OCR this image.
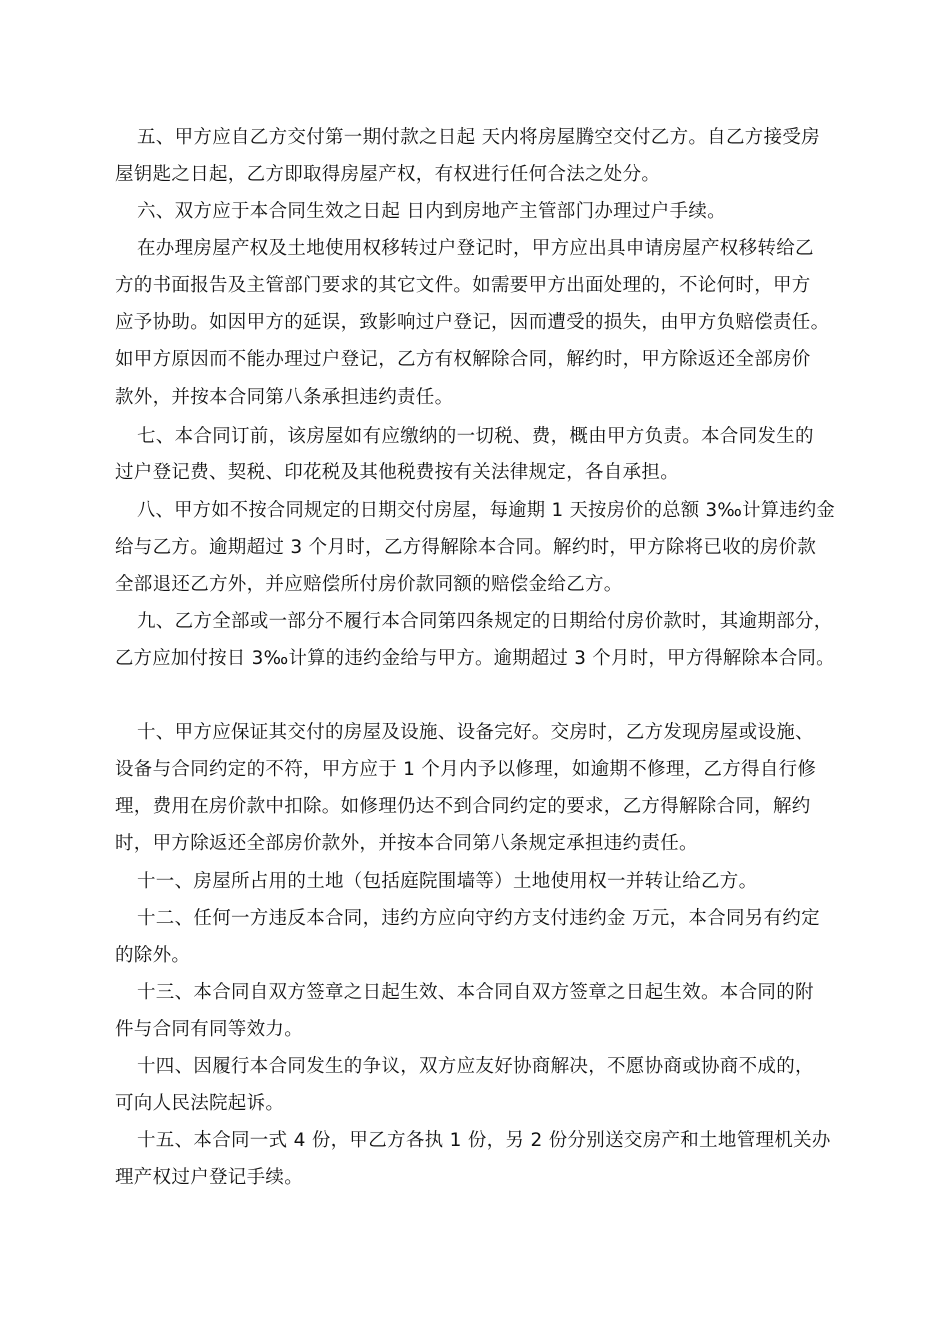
五、甲方应自乙方交付第一期付款之日起 天内将房屋腾空交付乙方。自乙方接受房
屋钥匙之日起，乙方即取得房屋产权，有权进行任何合法之处分。
六、双方应于本合同生效之日起 日内到房地产主管部门办理过户手续。
在办理房屋产权及土地使用权移转过户登记时，甲方应出具申请房屋产权移转给乙
方的书面报告及主管部门要求的其它文件。如需要甲方出面处理的，不论何时，甲方
应予协助。如因甲方的延误，致影响过户登记，因而遭受的损失，由甲方负赔偿责任。
如甲方原因而不能办理过户登记，乙方有权解除合同，解约时，甲方除返还全部房价
款外，并按本合同第八条承担违约责任。
七、本合同订前，该房屋如有应缴纳的一切税、费，概由甲方负责。本合同发生的
过户登记费、契税、印花税及其他税费按有关法律规定，各自承担。
八、甲方如不按合同规定的日期交付房屋，每逾期 1 天按房价的总额 3‰计算违约金
给与乙方。逾期超过 3 个月时，乙方得解除本合同。解约时，甲方除将已收的房价款
全部退还乙方外，并应赔偿所付房价款同额的赔偿金给乙方。
九、乙方全部或一部分不履行本合同第四条规定的日期给付房价款时，其逾期部分，
乙方应加付按日 3‰计算的违约金给与甲方。逾期超过 3 个月时，甲方得解除本合同。
十、甲方应保证其交付的房屋及设施、设备完好。交房时，乙方发现房屋或设施、
设备与合同约定的不符，甲方应于 1 个月内予以修理，如逾期不修理，乙方得自行修
理，费用在房价款中扣除。如修理仍达不到合同约定的要求，乙方得解除合同，解约
时，甲方除返还全部房价款外，并按本合同第八条规定承担违约责任。
十一、房屋所占用的土地（包括庭院围墙等）土地使用权一并转让给乙方。
十二、任何一方违反本合同，违约方应向守约方支付违约金 万元，本合同另有约定
的除外。
十三、本合同自双方签章之日起生效、本合同自双方签章之日起生效。本合同的附
件与合同有同等效力。
十四、因履行本合同发生的争议，双方应友好协商解决，不愿协商或协商不成的，
可向人民法院起诉。
十五、本合同一式 4 份，甲乙方各执 1 份，另 2 份分别送交房产和土地管理机关办
理产权过户登记手续。
